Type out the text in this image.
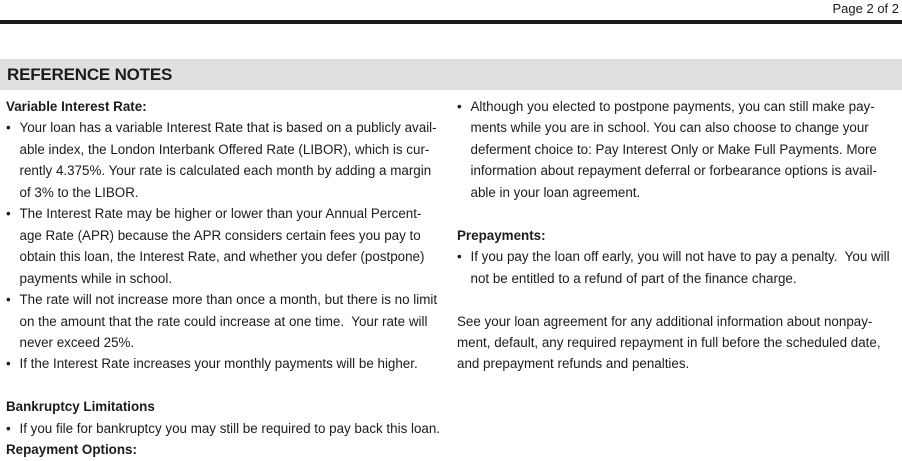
Page 2 of 2
REFERENCE NOTES
Variable Interest Rate:
• Your loan has a variable Interest Rate that is based on a publicly avail-
able index, the London Interbank Offered Rate (LIBOR), which is cur-
rently 4.375%. Your rate is calculated each month by adding a margin
of 3% to the LIBOR.
• The Interest Rate may be higher or lower than your Annual Percent-
age Rate (APR) because the APR considers certain fees you pay to
obtain this loan, the Interest Rate, and whether you defer (postpone)
payments while in school.
• The rate will not increase more than once a month, but there is no limit
on the amount that the rate could increase at one time.  Your rate will
never exceed 25%.
• If the Interest Rate increases your monthly payments will be higher.
Bankruptcy Limitations
• If you file for bankruptcy you may still be required to pay back this loan.
Repayment Options:
• Although you elected to postpone payments, you can still make pay-
ments while you are in school. You can also choose to change your
deferment choice to: Pay Interest Only or Make Full Payments. More
information about repayment deferral or forbearance options is avail-
able in your loan agreement.
Prepayments:
• If you pay the loan off early, you will not have to pay a penalty.  You will
not be entitled to a refund of part of the finance charge.
See your loan agreement for any additional information about nonpay-
ment, default, any required repayment in full before the scheduled date,
and prepayment refunds and penalties.
